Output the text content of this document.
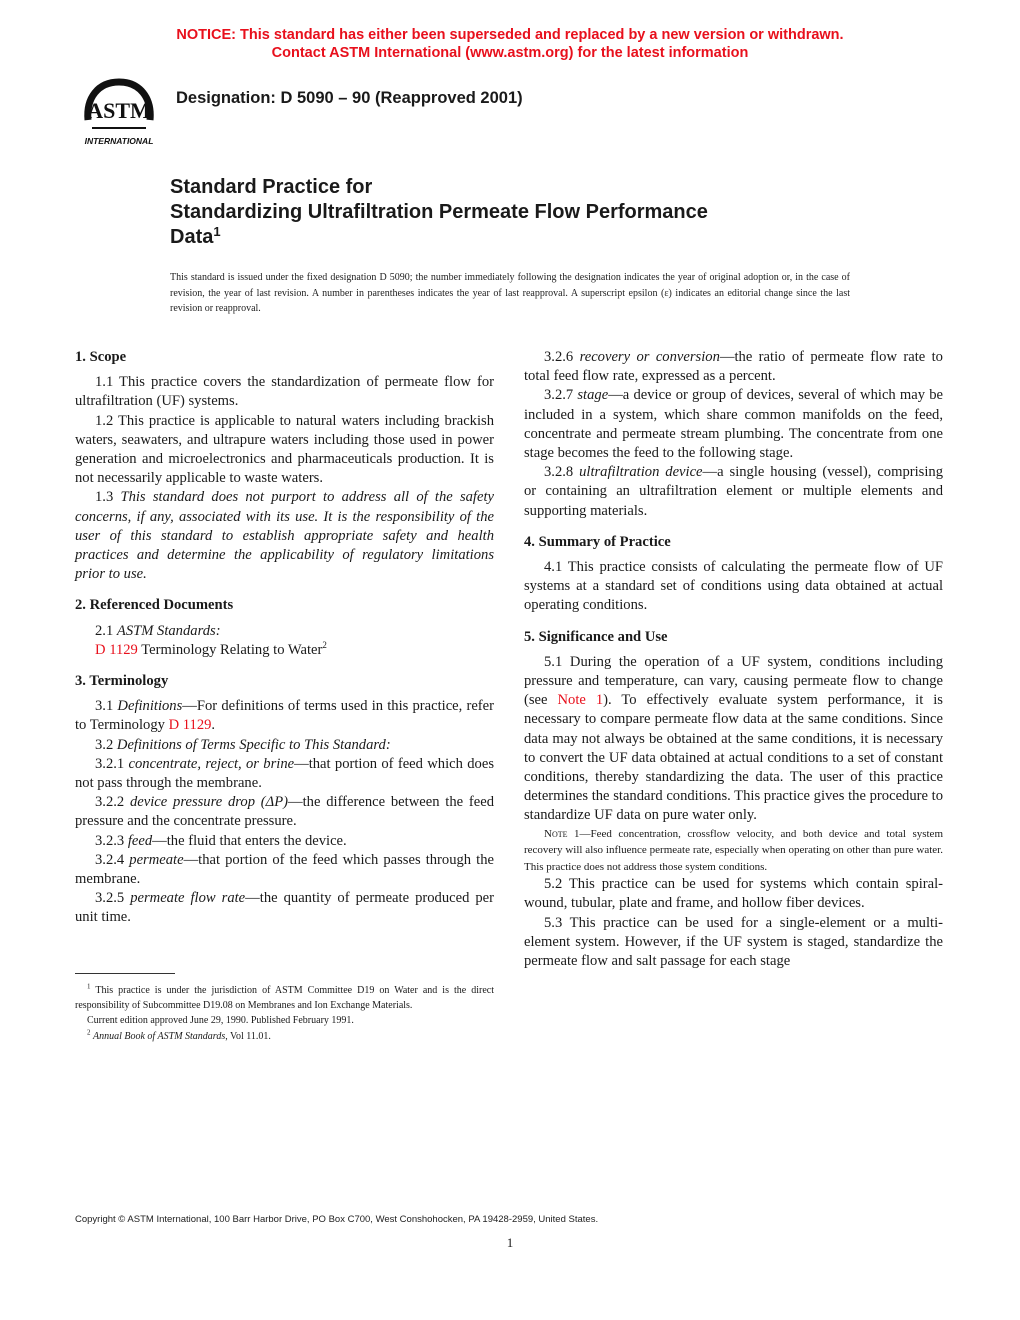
NOTICE: This standard has either been superseded and replaced by a new version or withdrawn.
Contact ASTM International (www.astm.org) for the latest information
ASTM
INTERNATIONAL
Designation: D 5090 – 90 (Reapproved 2001)
Standard Practice for
Standardizing Ultrafiltration Permeate Flow Performance
Data$^1$
This standard is issued under the fixed designation D 5090; the number immediately following the designation indicates the year of original adoption or, in the case of revision, the year of last revision. A number in parentheses indicates the year of last reapproval. A superscript epsilon (ε) indicates an editorial change since the last revision or reapproval.
1. Scope

1.1 This practice covers the standardization of permeate flow for ultrafiltration (UF) systems.

1.2 This practice is applicable to natural waters including brackish waters, seawaters, and ultrapure waters including those used in power generation and microelectronics and pharmaceuticals production. It is not necessarily applicable to waste waters.

1.3 This standard does not purport to address all of the safety concerns, if any, associated with its use. It is the responsibility of the user of this standard to establish appropriate safety and health practices and determine the applicability of regulatory limitations prior to use.

2. Referenced Documents

2.1 ASTM Standards:

D 1129 Terminology Relating to Water$^2$

3. Terminology

3.1 Definitions—For definitions of terms used in this practice, refer to Terminology D 1129.

3.2 Definitions of Terms Specific to This Standard:

3.2.1 concentrate, reject, or brine—that portion of feed which does not pass through the membrane.

3.2.2 device pressure drop (ΔP)—the difference between the feed pressure and the concentrate pressure.

3.2.3 feed—the fluid that enters the device.

3.2.4 permeate—that portion of the feed which passes through the membrane.

3.2.5 permeate flow rate—the quantity of permeate produced per unit time.

3.2.6 recovery or conversion—the ratio of permeate flow rate to total feed flow rate, expressed as a percent.

3.2.7 stage—a device or group of devices, several of which may be included in a system, which share common manifolds on the feed, concentrate and permeate stream plumbing. The concentrate from one stage becomes the feed to the following stage.

3.2.8 ultrafiltration device—a single housing (vessel), comprising or containing an ultrafiltration element or multiple elements and supporting materials.

4. Summary of Practice

4.1 This practice consists of calculating the permeate flow of UF systems at a standard set of conditions using data obtained at actual operating conditions.

5. Significance and Use

5.1 During the operation of a UF system, conditions including pressure and temperature, can vary, causing permeate flow to change (see Note 1). To effectively evaluate system performance, it is necessary to compare permeate flow data at the same conditions. Since data may not always be obtained at the same conditions, it is necessary to convert the UF data obtained at actual conditions to a set of constant conditions, thereby standardizing the data. The user of this practice determines the standard conditions. This practice gives the procedure to standardize UF data on pure water only.

Note 1—Feed concentration, crossflow velocity, and both device and total system recovery will also influence permeate rate, especially when operating on other than pure water. This practice does not address those system conditions.

5.2 This practice can be used for systems which contain spiral-wound, tubular, plate and frame, and hollow fiber devices.

5.3 This practice can be used for a single-element or a multi-element system. However, if the UF system is staged, standardize the permeate flow and salt passage for each stage

$^1$ This practice is under the jurisdiction of ASTM Committee D19 on Water and is the direct responsibility of Subcommittee D19.08 on Membranes and Ion Exchange Materials.

Current edition approved June 29, 1990. Published February 1991.

$^2$ Annual Book of ASTM Standards, Vol 11.01.

Copyright © ASTM International, 100 Barr Harbor Drive, PO Box C700, West Conshohocken, PA 19428-2959, United States.
1
